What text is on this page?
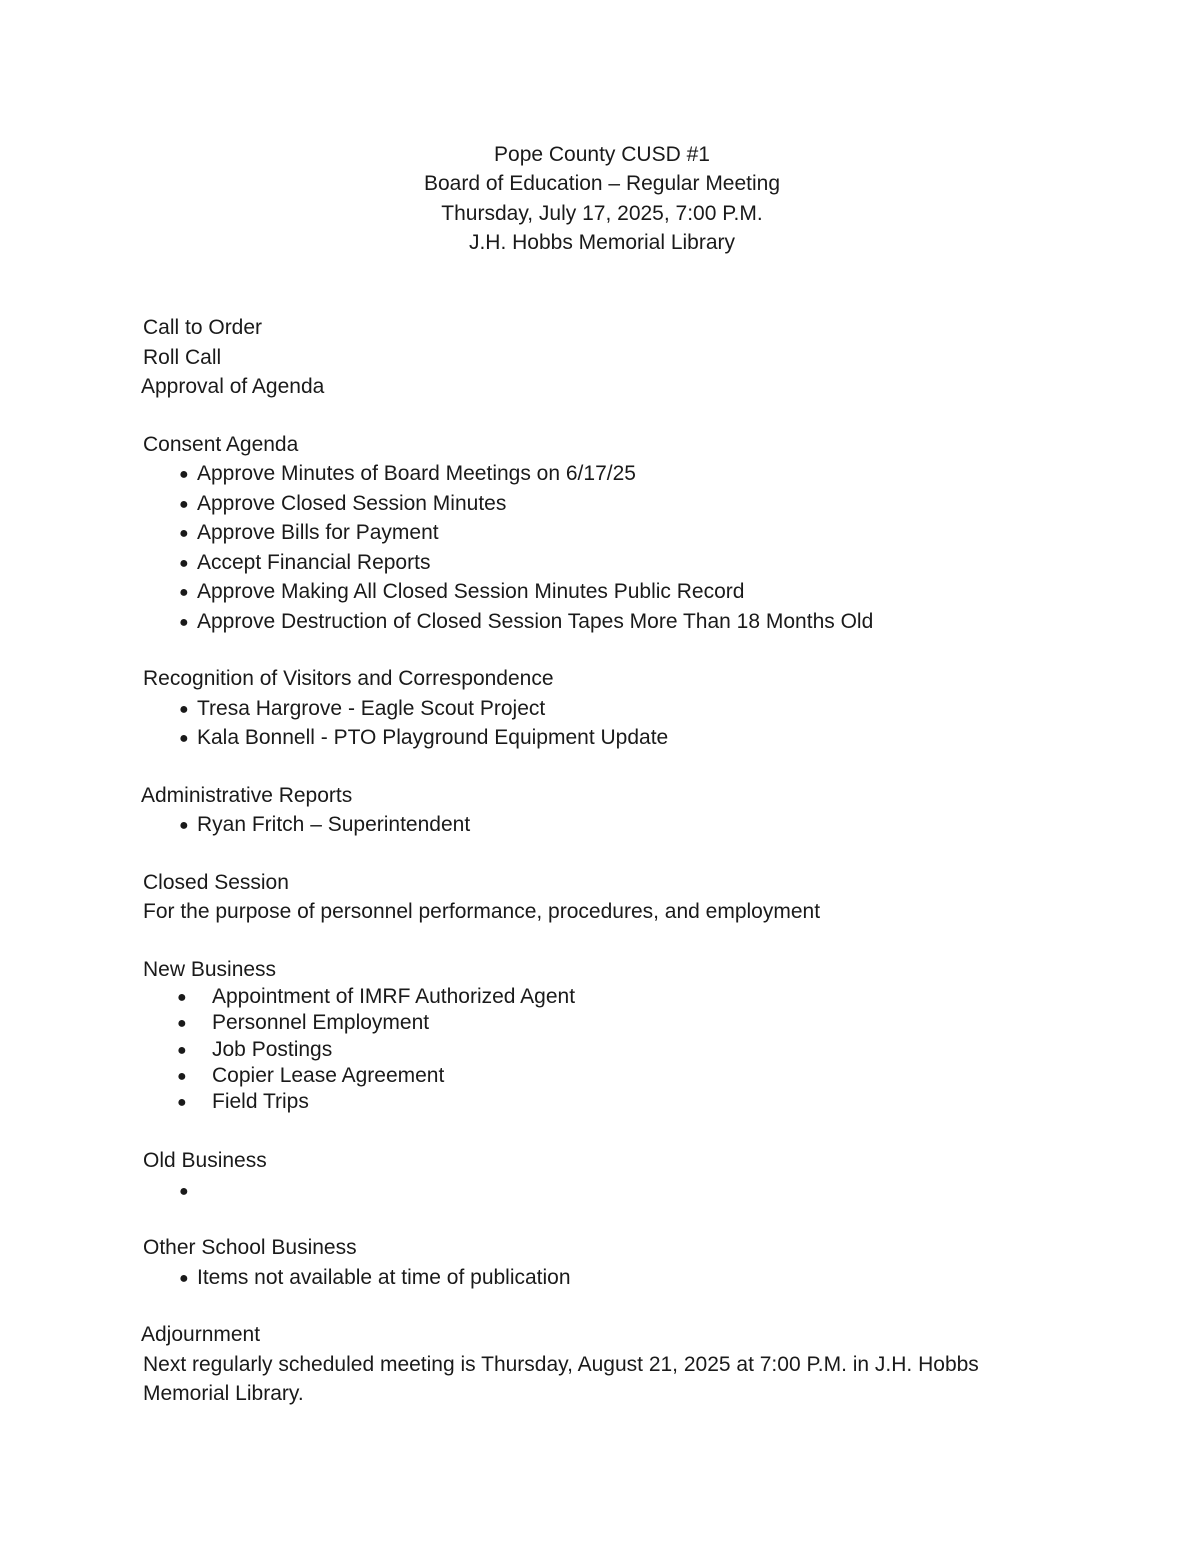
Pope County CUSD #1
Board of Education – Regular Meeting
Thursday, July 17, 2025, 7:00 P.M.
J.H. Hobbs Memorial Library
Call to Order
Roll Call
Approval of Agenda
Consent Agenda
● Approve Minutes of Board Meetings on 6/17/25
● Approve Closed Session Minutes
● Approve Bills for Payment
● Accept Financial Reports
● Approve Making All Closed Session Minutes Public Record
● Approve Destruction of Closed Session Tapes More Than 18 Months Old
Recognition of Visitors and Correspondence
● Tresa Hargrove - Eagle Scout Project
● Kala Bonnell - PTO Playground Equipment Update
Administrative Reports
● Ryan Fritch – Superintendent
Closed Session
For the purpose of personnel performance, procedures, and employment
New Business
● Appointment of IMRF Authorized Agent
● Personnel Employment
● Job Postings
● Copier Lease Agreement
● Field Trips
Old Business
●
Other School Business
● Items not available at time of publication
Adjournment
Next regularly scheduled meeting is Thursday, August 21, 2025 at 7:00 P.M. in J.H. Hobbs
Memorial Library.
